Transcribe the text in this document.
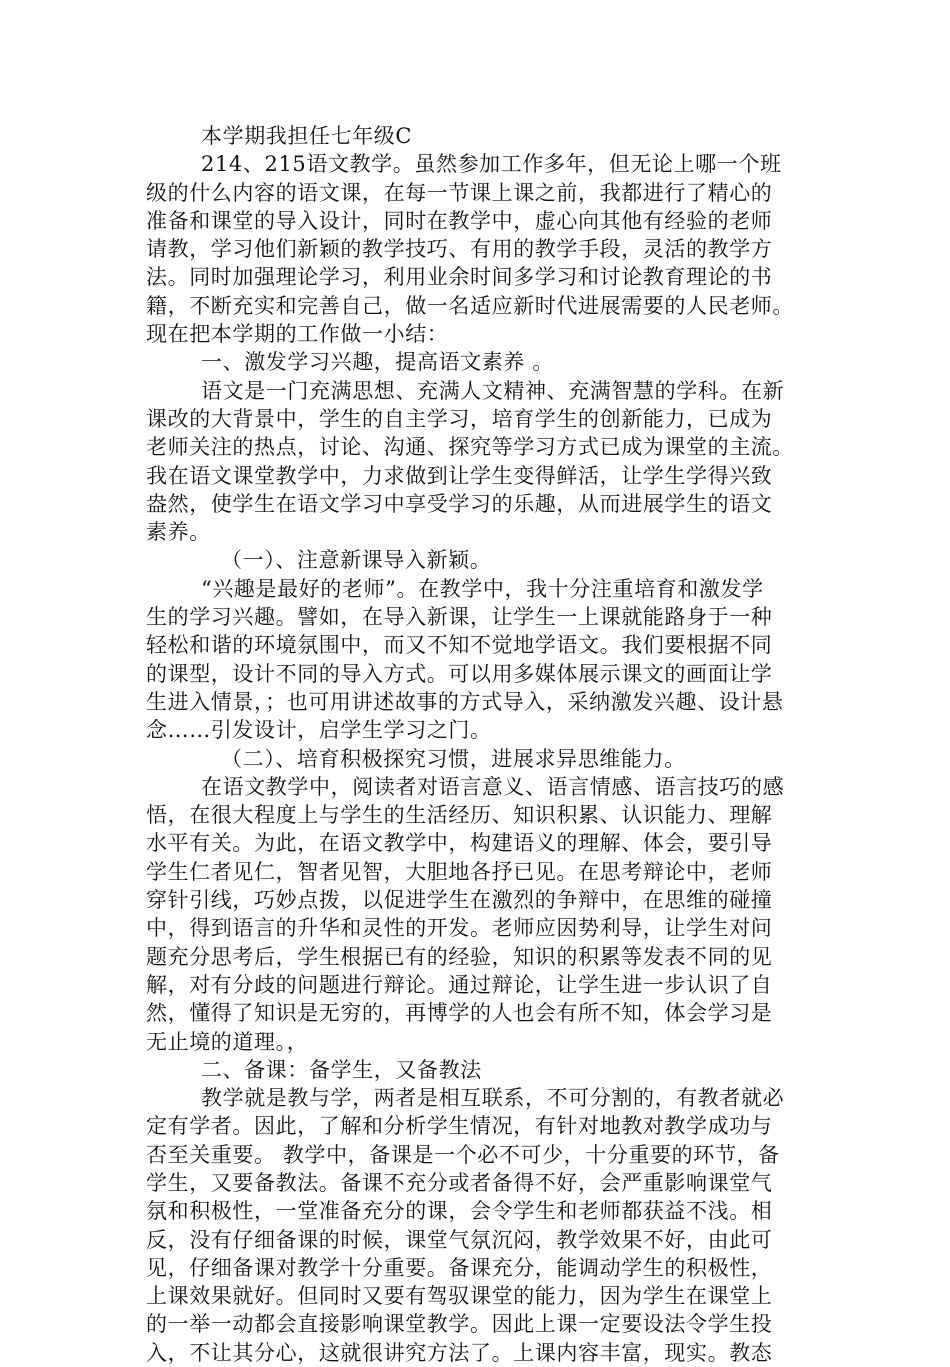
本学期我担任七年级C
214、215语文教学。虽然参加工作多年，但无论上哪一个班
级的什么内容的语文课，在每一节课上课之前，我都进行了精心的
准备和课堂的导入设计，同时在教学中，虚心向其他有经验的老师
请教，学习他们新颖的教学技巧、有用的教学手段，灵活的教学方
法。同时加强理论学习，利用业余时间多学习和讨论教育理论的书
籍，不断充实和完善自己，做一名适应新时代进展需要的人民老师。
现在把本学期的工作做一小结：
一、激发学习兴趣，提高语文素养 。
语文是一门充满思想、充满人文精神、充满智慧的学科。在新
课改的大背景中，学生的自主学习，培育学生的创新能力，已成为
老师关注的热点，讨论、沟通、探究等学习方式已成为课堂的主流。
我在语文课堂教学中，力求做到让学生变得鲜活，让学生学得兴致
盎然，使学生在语文学习中享受学习的乐趣，从而进展学生的语文
素养。
（一）、注意新课导入新颖。
“兴趣是最好的老师”。在教学中，我十分注重培育和激发学
生的学习兴趣。譬如，在导入新课，让学生一上课就能路身于一种
轻松和谐的环境氛围中，而又不知不觉地学语文。我们要根据不同
的课型，设计不同的导入方式。可以用多媒体展示课文的画面让学
生进入情景，；也可用讲述故事的方式导入，采纳激发兴趣、设计悬
念……引发设计，启学生学习之门。
（二）、培育积极探究习惯，进展求异思维能力。
在语文教学中，阅读者对语言意义、语言情感、语言技巧的感
悟，在很大程度上与学生的生活经历、知识积累、认识能力、理解
水平有关。为此，在语文教学中，构建语义的理解、体会，要引导
学生仁者见仁，智者见智，大胆地各抒已见。在思考辩论中，老师
穿针引线，巧妙点拨，以促进学生在激烈的争辩中，在思维的碰撞
中，得到语言的升华和灵性的开发。老师应因势利导，让学生对问
题充分思考后，学生根据已有的经验，知识的积累等发表不同的见
解，对有分歧的问题进行辩论。通过辩论，让学生进一步认识了自
然，懂得了知识是无穷的，再博学的人也会有所不知，体会学习是
无止境的道理。，
二、备课：备学生，又备教法
教学就是教与学，两者是相互联系，不可分割的，有教者就必
定有学者。因此，了解和分析学生情况，有针对地教对教学成功与
否至关重要。 教学中，备课是一个必不可少，十分重要的环节，备
学生，又要备教法。备课不充分或者备得不好，会严重影响课堂气
氛和积极性，一堂准备充分的课，会令学生和老师都获益不浅。相
反，没有仔细备课的时候，课堂气氛沉闷，教学效果不好，由此可
见，仔细备课对教学十分重要。备课充分，能调动学生的积极性，
上课效果就好。但同时又要有驾驭课堂的能力，因为学生在课堂上
的一举一动都会直接影响课堂教学。因此上课一定要设法令学生投
入，不让其分心，这就很讲究方法了。上课内容丰富，现实。教态
